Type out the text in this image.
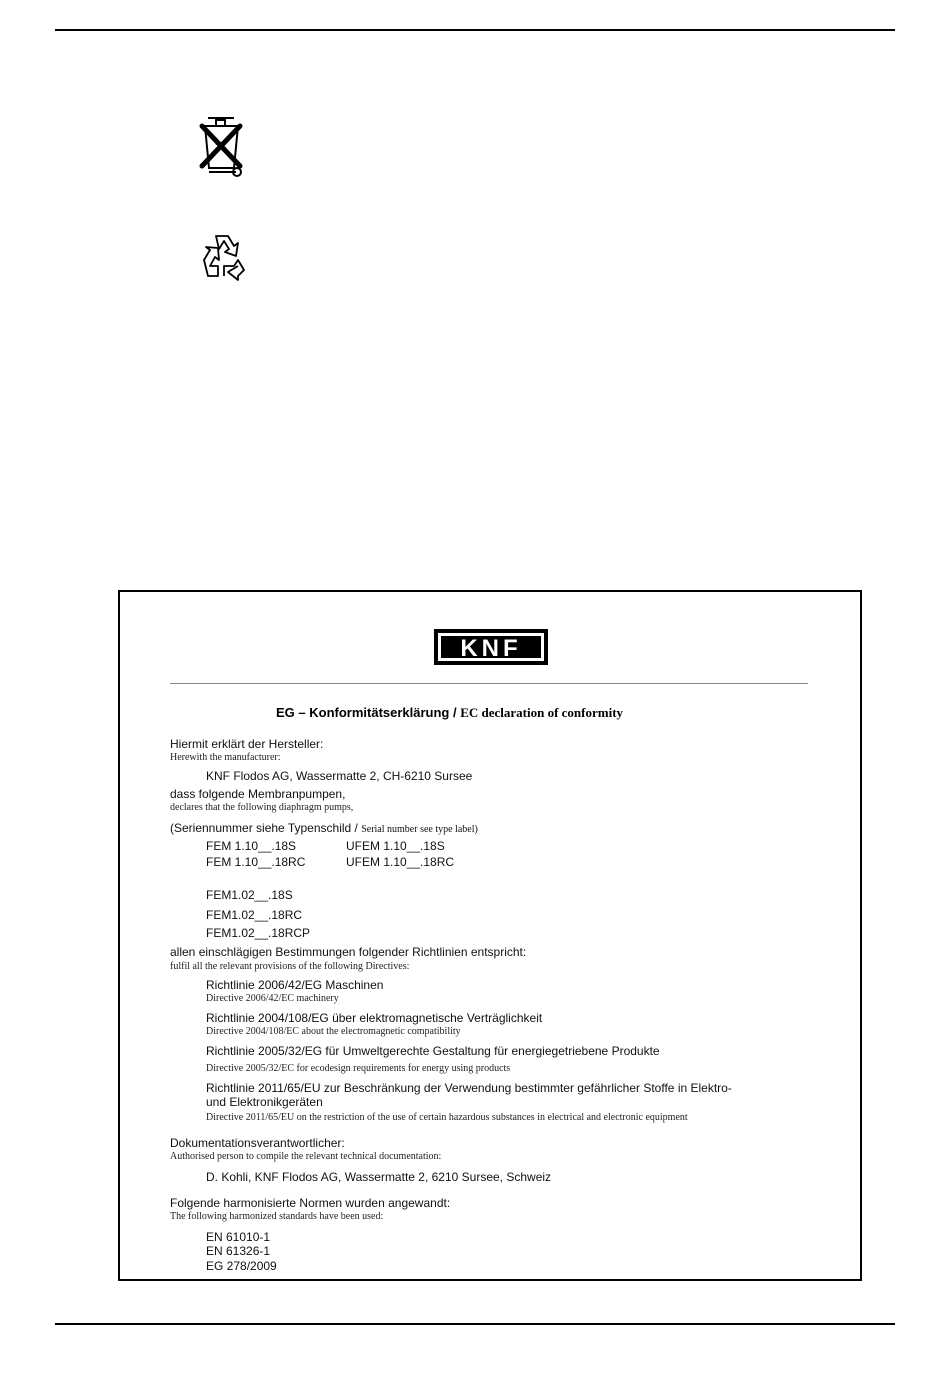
KNF
EG – Konformitätserklärung / EC declaration of conformity
Hiermit erklärt der Hersteller:
Herewith the manufacturer:
KNF Flodos AG, Wassermatte 2, CH-6210 Sursee
dass folgende Membranpumpen,
declares that the following diaphragm pumps,
(Seriennummer siehe Typenschild / Serial number see type label)
FEM 1.10__.18S
FEM 1.10__.18RC
UFEM 1.10__.18S
UFEM 1.10__.18RC
FEM1.02__.18S
FEM1.02__.18RC
FEM1.02__.18RCP
allen einschlägigen Bestimmungen folgender Richtlinien entspricht:
fulfil all the relevant provisions of the following Directives:
Richtlinie 2006/42/EG Maschinen
Directive 2006/42/EC machinery
Richtlinie 2004/108/EG über elektromagnetische Verträglichkeit
Directive 2004/108/EC about the electromagnetic compatibility
Richtlinie 2005/32/EG für Umweltgerechte Gestaltung für energiegetriebene Produkte
Directive 2005/32/EC for ecodesign requirements for energy using products
Richtlinie 2011/65/EU zur Beschränkung der Verwendung bestimmter gefährlicher Stoffe in Elektro-
und Elektronikgeräten
Directive 2011/65/EU on the restriction of the use of certain hazardous substances in electrical and electronic equipment
Dokumentationsverantwortlicher:
Authorised person to compile the relevant technical documentation:
D. Kohli, KNF Flodos AG, Wassermatte 2, 6210 Sursee, Schweiz
Folgende harmonisierte Normen wurden angewandt:
The following harmonized standards have been used:
EN 61010-1
EN 61326-1
EG 278/2009
